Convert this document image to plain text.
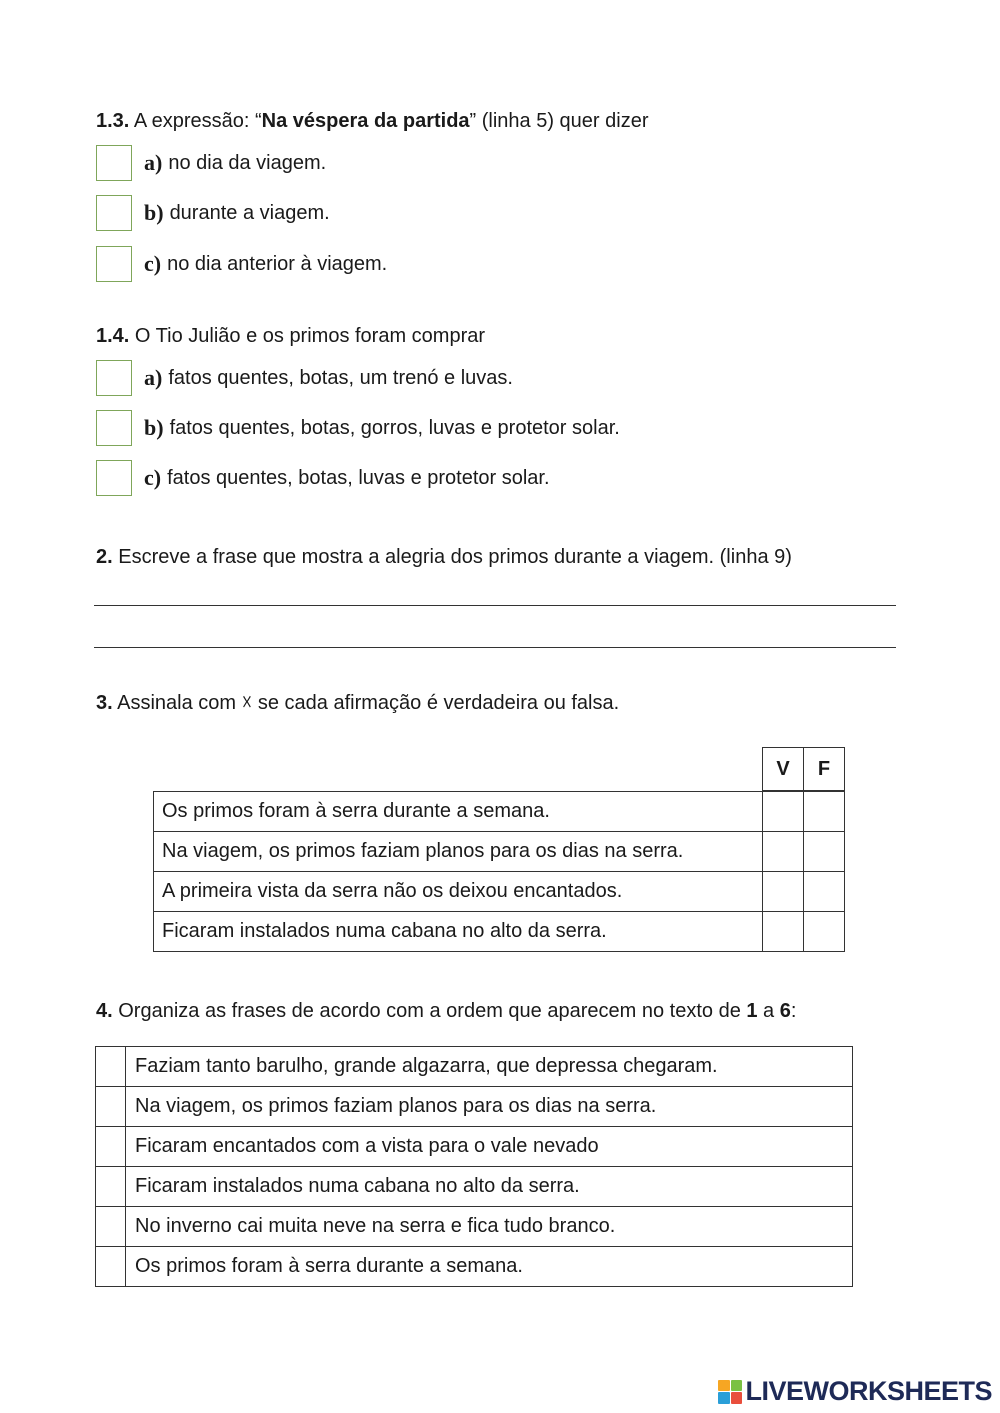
1.3. A expressão: “Na véspera da partida” (linha 5) quer dizer
a) no dia da viagem.
b) durante a viagem.
c) no dia anterior à viagem.
1.4. O Tio Julião e os primos foram comprar
a) fatos quentes, botas, um trenó e luvas.
b) fatos quentes, botas, gorros, luvas e protetor solar.
c) fatos quentes, botas, luvas e protetor solar.
2. Escreve a frase que mostra a alegria dos primos durante a viagem. (linha 9)
3. Assinala com ☓ se cada afirmação é verdadeira ou falsa.
V	F
Os primos foram à serra durante a semana.		
Na viagem, os primos faziam planos para os dias na serra.		
A primeira vista da serra não os deixou encantados.		
Ficaram instalados numa cabana no alto da serra.		
4. Organiza as frases de acordo com a ordem que aparecem no texto de 1 a 6:
	Faziam tanto barulho, grande algazarra, que depressa chegaram.
	Na viagem, os primos faziam planos para os dias na serra.
	Ficaram encantados com a vista para o vale nevado
	Ficaram instalados numa cabana no alto da serra.
	No inverno cai muita neve na serra e fica tudo branco.
	Os primos foram à serra durante a semana.
LIVEWORKSHEETS
